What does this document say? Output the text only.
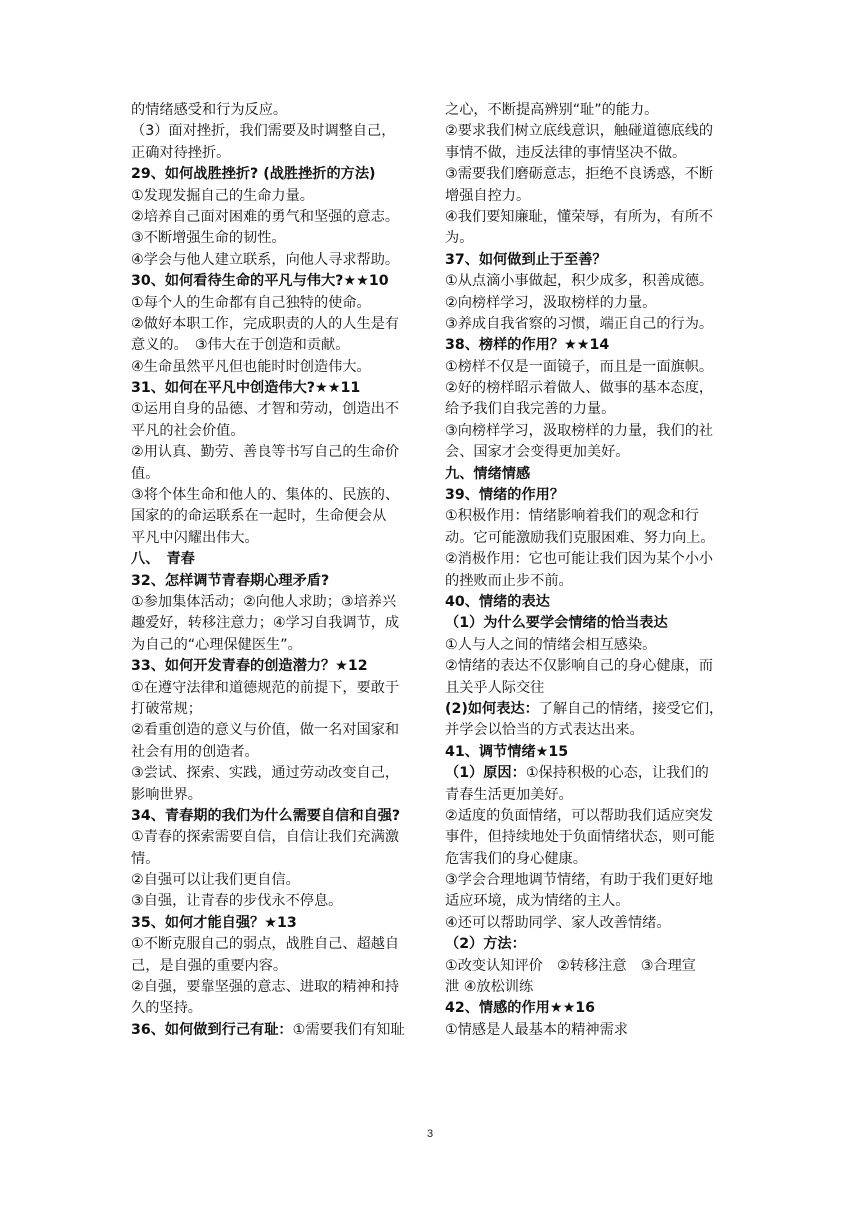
的情绪感受和行为反应。
（3）面对挫折，我们需要及时调整自己，
正确对待挫折。
29、如何战胜挫折? (战胜挫折的方法)
①发现发掘自己的生命力量。
②培养自己面对困难的勇气和坚强的意志。
③不断增强生命的韧性。
④学会与他人建立联系，向他人寻求帮助。
30、如何看待生命的平凡与伟大?★★10
①每个人的生命都有自己独特的使命。
②做好本职工作，完成职责的人的人生是有
意义的。　③伟大在于创造和贡献。
④生命虽然平凡但也能时时创造伟大。
31、如何在平凡中创造伟大?★★11
①运用自身的品德、才智和劳动，创造出不
平凡的社会价值。
②用认真、勤劳、善良等书写自己的生命价
值。
③将个体生命和他人的、集体的、民族的、
国家的的命运联系在一起时，生命便会从
平凡中闪耀出伟大。
八、　青春
32、怎样调节青春期心理矛盾?
①参加集体活动；②向他人求助；③培养兴
趣爱好，转移注意力；④学习自我调节，成
为自己的“心理保健医生”。
33、如何开发青春的创造潜力？★12
①在遵守法律和道德规范的前提下，要敢于
打破常规；
②看重创造的意义与价值，做一名对国家和
社会有用的创造者。
③尝试、探索、实践，通过劳动改变自己，
影响世界。
34、青春期的我们为什么需要自信和自强?
①青春的探索需要自信，自信让我们充满激
情。
②自强可以让我们更自信。
③自强，让青春的步伐永不停息。
35、如何才能自强？★13
①不断克服自己的弱点，战胜自己、超越自
己，是自强的重要内容。
②自强，要靠坚强的意志、进取的精神和持
久的坚持。
36、如何做到行己有耻：①需要我们有知耻
之心，不断提高辨别“耻”的能力。
②要求我们树立底线意识，触碰道德底线的
事情不做，违反法律的事情坚决不做。
③需要我们磨砺意志，拒绝不良诱惑，不断
增强自控力。
④我们要知廉耻，懂荣辱，有所为，有所不
为。
37、如何做到止于至善？
①从点滴小事做起，积少成多，积善成德。
②向榜样学习，汲取榜样的力量。
③养成自我省察的习惯，端正自己的行为。
38、榜样的作用？★★14
①榜样不仅是一面镜子，而且是一面旗帜。
②好的榜样昭示着做人、做事的基本态度，
给予我们自我完善的力量。
③向榜样学习，汲取榜样的力量，我们的社
会、国家才会变得更加美好。
九、情绪情感
39、情绪的作用？
①积极作用：情绪影响着我们的观念和行
动。它可能激励我们克服困难、努力向上。
②消极作用：它也可能让我们因为某个小小
的挫败而止步不前。
40、情绪的表达
（1）为什么要学会情绪的恰当表达
①人与人之间的情绪会相互感染。
②情绪的表达不仅影响自己的身心健康，而
且关乎人际交往
(2)如何表达：了解自己的情绪，接受它们，
并学会以恰当的方式表达出来。
41、调节情绪★15
（1）原因：①保持积极的心态，让我们的
青春生活更加美好。
②适度的负面情绪，可以帮助我们适应突发
事件，但持续地处于负面情绪状态，则可能
危害我们的身心健康。
③学会合理地调节情绪，有助于我们更好地
适应环境，成为情绪的主人。
④还可以帮助同学、家人改善情绪。
（2）方法：
①改变认知评价　②转移注意　③合理宣
泄 ④放松训练
42、情感的作用★★16
①情感是人最基本的精神需求
3
